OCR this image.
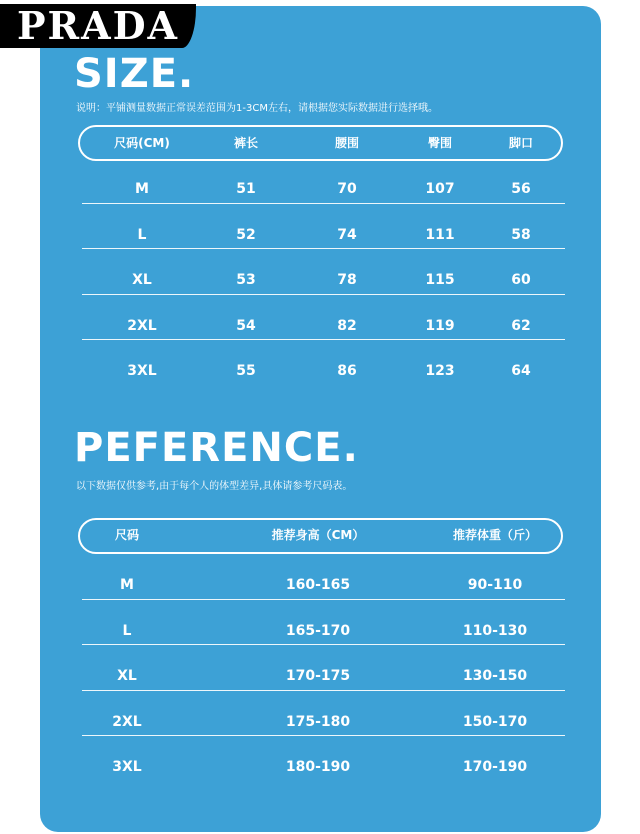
PRADA
SIZE.
说明：平铺测量数据正常误差范围为1-3CM左右，请根据您实际数据进行选择哦。
尺码(CM)	裤长	腰围	臀围	脚口
M	51	70	107	56
L	52	74	111	58
XL	53	78	115	60
2XL	54	82	119	62
3XL	55	86	123	64
PEFERENCE.
以下数据仅供参考,由于每个人的体型差异,具体请参考尺码表。
尺码	推荐身高（CM）	推荐体重（斤）
M	160-165	90-110
L	165-170	110-130
XL	170-175	130-150
2XL	175-180	150-170
3XL	180-190	170-190
